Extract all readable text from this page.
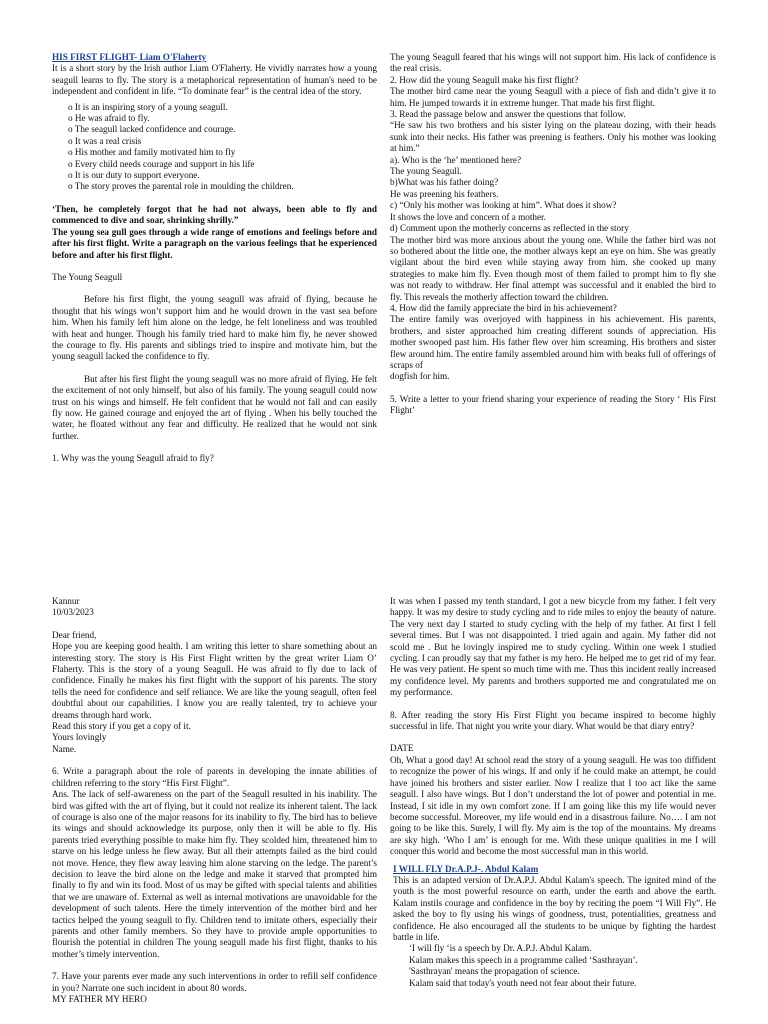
HIS FIRST FLIGHT- Liam O'Flaherty

It is a short story by the Irish author Liam O'Flaherty. He vividly narrates how a young seagull learns to fly. The story is a metaphorical representation of human's need to be independent and confident in life. “To dominate fear” is the central idea of the story.

o It is an inspiring story of a young seagull.
o He was afraid to fly.
o The seagull lacked confidence and courage.
o It was a real crisis
o His mother and family motivated him to fly
o Every child needs courage and support in his life
o It is our duty to support everyone.
o The story proves the parental role in moulding the children.

‘Then, he completely forgot that he had not always, been able to fly and commenced to dive and soar, shrinking shrilly.”

The young sea gull goes through a wide range of emotions and feelings before and after his first flight. Write a paragraph on the various feelings that he experienced before and after his first flight.

The Young Seagull

Before his first flight, the young seagull was afraid of flying, because he thought that his wings won’t support him and he would drown in the vast sea before him. When his family left him alone on the ledge, he felt loneliness and was troubled with heat and hunger. Though his family tried hard to make him fly, he never showed the courage to fly. His parents and siblings tried to inspire and motivate him, but the young seagull lacked the confidence to fly.

But after his first flight the young seagull was no more afraid of flying. He felt the excitement of not only himself, but also of his family. The young seagull could now trust on his wings and himself. He felt confident that he would not fall and can easily fly now. He gained courage and enjoyed the art of flying . When his belly touched the water, he floated without any fear and difficulty. He realized that he would not sink further.

1. Why was the young Seagull afraid to fly?

The young Seagull feared that his wings will not support him. His lack of confidence is the real crisis.

2. How did the young Seagull make his first flight?

The mother bird came near the young Seagull with a piece of fish and didn’t give it to him. He jumped towards it in extreme hunger. That made his first flight.

3. Read the passage below and answer the questions that follow.

“He saw his two brothers and his sister lying on the plateau dozing, with their heads sunk into their necks. His father was preening is feathers. Only his mother was looking at him.”

a). Who is the ‘he’ mentioned here?

The young Seagull.

b)What was his father doing?

He was preening his feathers.

c) “Only his mother was looking at him”. What does it show?

It shows the love and concern of a mother.

d) Comment upon the motherly concerns as reflected in the story

The mother bird was more anxious about the young one. While the father bird was not so bothered about the little one, the mother always kept an eye on him. She was greatly vigilant about the bird even while staying away from him. she cooked up many strategies to make him fly. Even though most of them failed to prompt him to fly she was not ready to withdraw. Her final attempt was successful and it enabled the bird to fly. This reveals the motherly affection toward the children.

4. How did the family appreciate the bird in his achievement?

The entire family was overjoyed with happiness in his achievement. His parents, brothers, and sister approached him creating different sounds of appreciation. His mother swooped past him. His father flew over him screaming. His brothers and sister flew around him. The entire family assembled around him with beaks full of offerings of scraps of

dogfish for him.

5. Write a letter to your friend sharing your experience of reading the Story ‘ His First Flight’

Kannur

10/03/2023

Dear friend,

Hope you are keeping good health. I am writing this letter to share something about an interesting story. The story is His First Flight written by the great writer Liam O’ Flaherty. This is the story of a young Seagull. He was afraid to fly due to lack of confidence. Finally he makes his first flight with the support of his parents. The story tells the need for confidence and self reliance. We are like the young seagull, often feel doubtful about our capabilities. I know you are really talented, try to achieve your dreams through hard work.

Read this story if you get a copy of it.

Yours lovingly

Name.

6. Write a paragraph about the role of parents in developing the innate abilities of children referring to the story “His First Flight”.

Ans. The lack of self-awareness on the part of the Seagull resulted in his inability. The bird was gifted with the art of flying, but it could not realize its inherent talent. The lack of courage is also one of the major reasons for its inability to fly. The bird has to believe its wings and should acknowledge its purpose, only then it will be able to fly. His parents tried everything possible to make him fly. They scolded him, threatened him to starve on his ledge unless he flew away. But all their attempts failed as the bird could not move. Hence, they flew away leaving him alone starving on the ledge. The parent’s decision to leave the bird alone on the ledge and make it starved that prompted him finally to fly and win its food. Most of us may be gifted with special talents and abilities that we are unaware of. External as well as internal motivations are unavoidable for the development of such talents. Here the timely intervention of the mother bird and her tactics helped the young seagull to fly. Children tend to imitate others, especially their parents and other family members. So they have to provide ample opportunities to flourish the potential in children The young seagull made his first flight, thanks to his mother’s timely intervention.

7. Have your parents ever made any such interventions in order to refill self confidence in you? Narrate one such incident in about 80 words.

MY FATHER MY HERO

It was when I passed my tenth standard, I got a new bicycle from my father. I felt very happy. It was my desire to study cycling and to ride miles to enjoy the beauty of nature. The very next day I started to study cycling with the help of my father. At first I fell several times. But I was not disappointed. I tried again and again. My father did not scold me . But he lovingly inspired me to study cycling. Within one week I studied cycling. I can proudly say that my father is my hero. He helped me to get rid of my fear. He was very patient. He spent so much time with me. Thus this incident really increased my confidence level. My parents and brothers supported me and congratulated me on my performance.

8. After reading the story His First Flight you became inspired to become highly successful in life. That night you write your diary. What would be that diary entry?

DATE

Oh, What a good day! At school read the story of a young seagull. He was too diffident to recognize the power of his wings. If and only if he could make an attempt, he could have joined his brothers and sister earlier. Now I realize that I too act like the same seagull. I also have wings. But I don’t understand the lot of power and potential in me. Instead, I sit idle in my own comfort zone. If I am going like this my life would never become successful. Moreover, my life would end in a disastrous failure. No…. I am not going to be like this. Surely, I will fly. My aim is the top of the mountains. My dreams are sky high. ‘Who I am’ is enough for me. With these unique qualities in me I will conquer this world and become the most successful man in this world.

I WILL FLY Dr.A.P.J-. Abdul Kalam

This is an adapted version of Dr.A.P.J. Abdul Kalam's speech. The ignited mind of the youth is the most powerful resource on earth, under the earth and above the earth. Kalam instils courage and confidence in the boy by reciting the poem “I Will Fly”. He asked the boy to fly using his wings of goodness, trust, potentialities, greatness and confidence. He also encouraged all the students to be unique by fighting the hardest battle in life.

‘I will fly ‘is a speech by Dr. A.P.J. Abdul Kalam.

Kalam makes this speech in a programme called ‘Sasthrayan’.

'Sasthrayan' means the propagation of science.

Kalam said that today's youth need not fear about their future.
